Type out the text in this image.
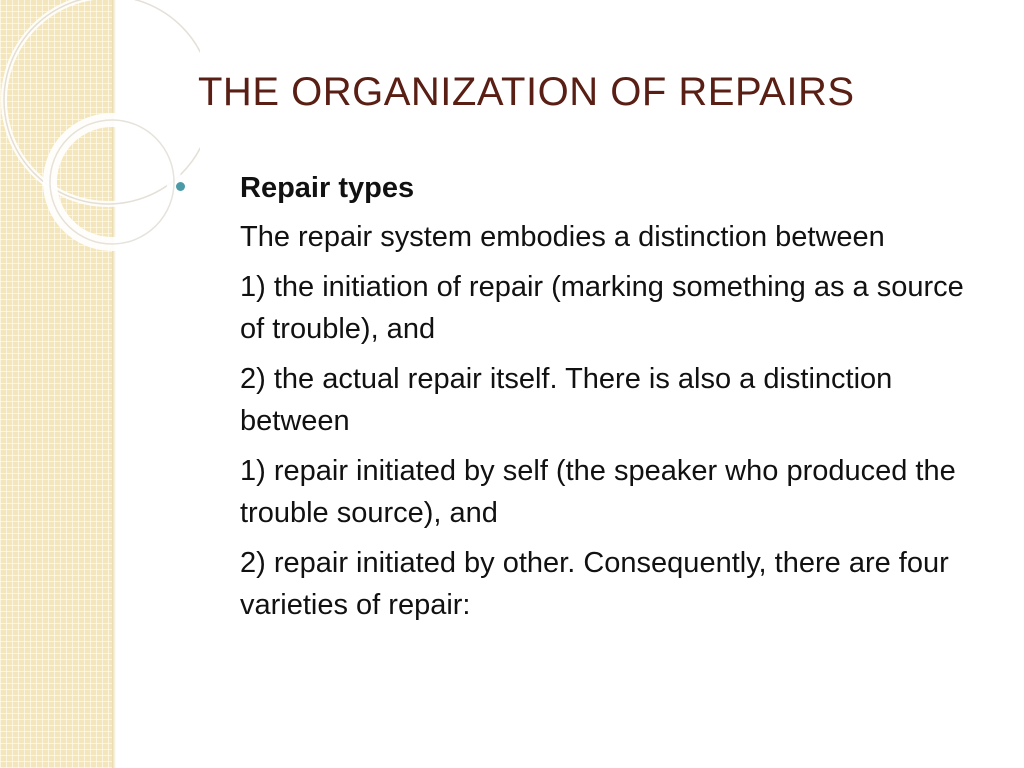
THE ORGANIZATION OF REPAIRS

Repair types

The repair system embodies a distinction between

1) the initiation of repair (marking something as a source of trouble), and

2) the actual repair itself. There is also a distinction between

1) repair initiated by self (the speaker who produced the trouble source), and

2) repair initiated by other. Consequently, there are four varieties of repair:
